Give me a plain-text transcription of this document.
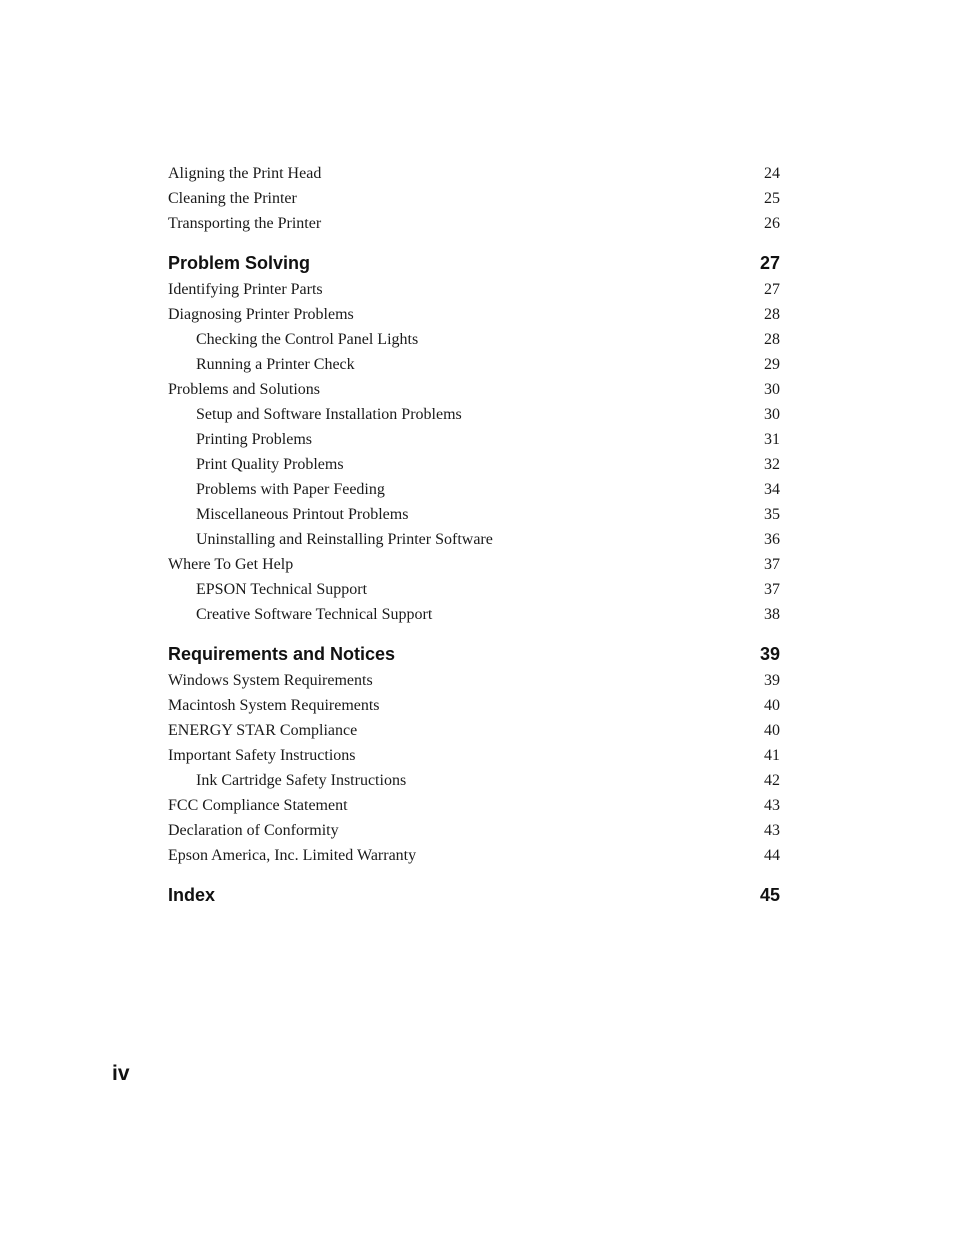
Aligning the Print Head	24
Cleaning the Printer	25
Transporting the Printer	26
Problem Solving	27
Identifying Printer Parts	27
Diagnosing Printer Problems	28
Checking the Control Panel Lights	28
Running a Printer Check	29
Problems and Solutions	30
Setup and Software Installation Problems	30
Printing Problems	31
Print Quality Problems	32
Problems with Paper Feeding	34
Miscellaneous Printout Problems	35
Uninstalling and Reinstalling Printer Software	36
Where To Get Help	37
EPSON Technical Support	37
Creative Software Technical Support	38
Requirements and Notices	39
Windows System Requirements	39
Macintosh System Requirements	40
ENERGY STAR Compliance	40
Important Safety Instructions	41
Ink Cartridge Safety Instructions	42
FCC Compliance Statement	43
Declaration of Conformity	43
Epson America, Inc. Limited Warranty	44
Index	45
iv
